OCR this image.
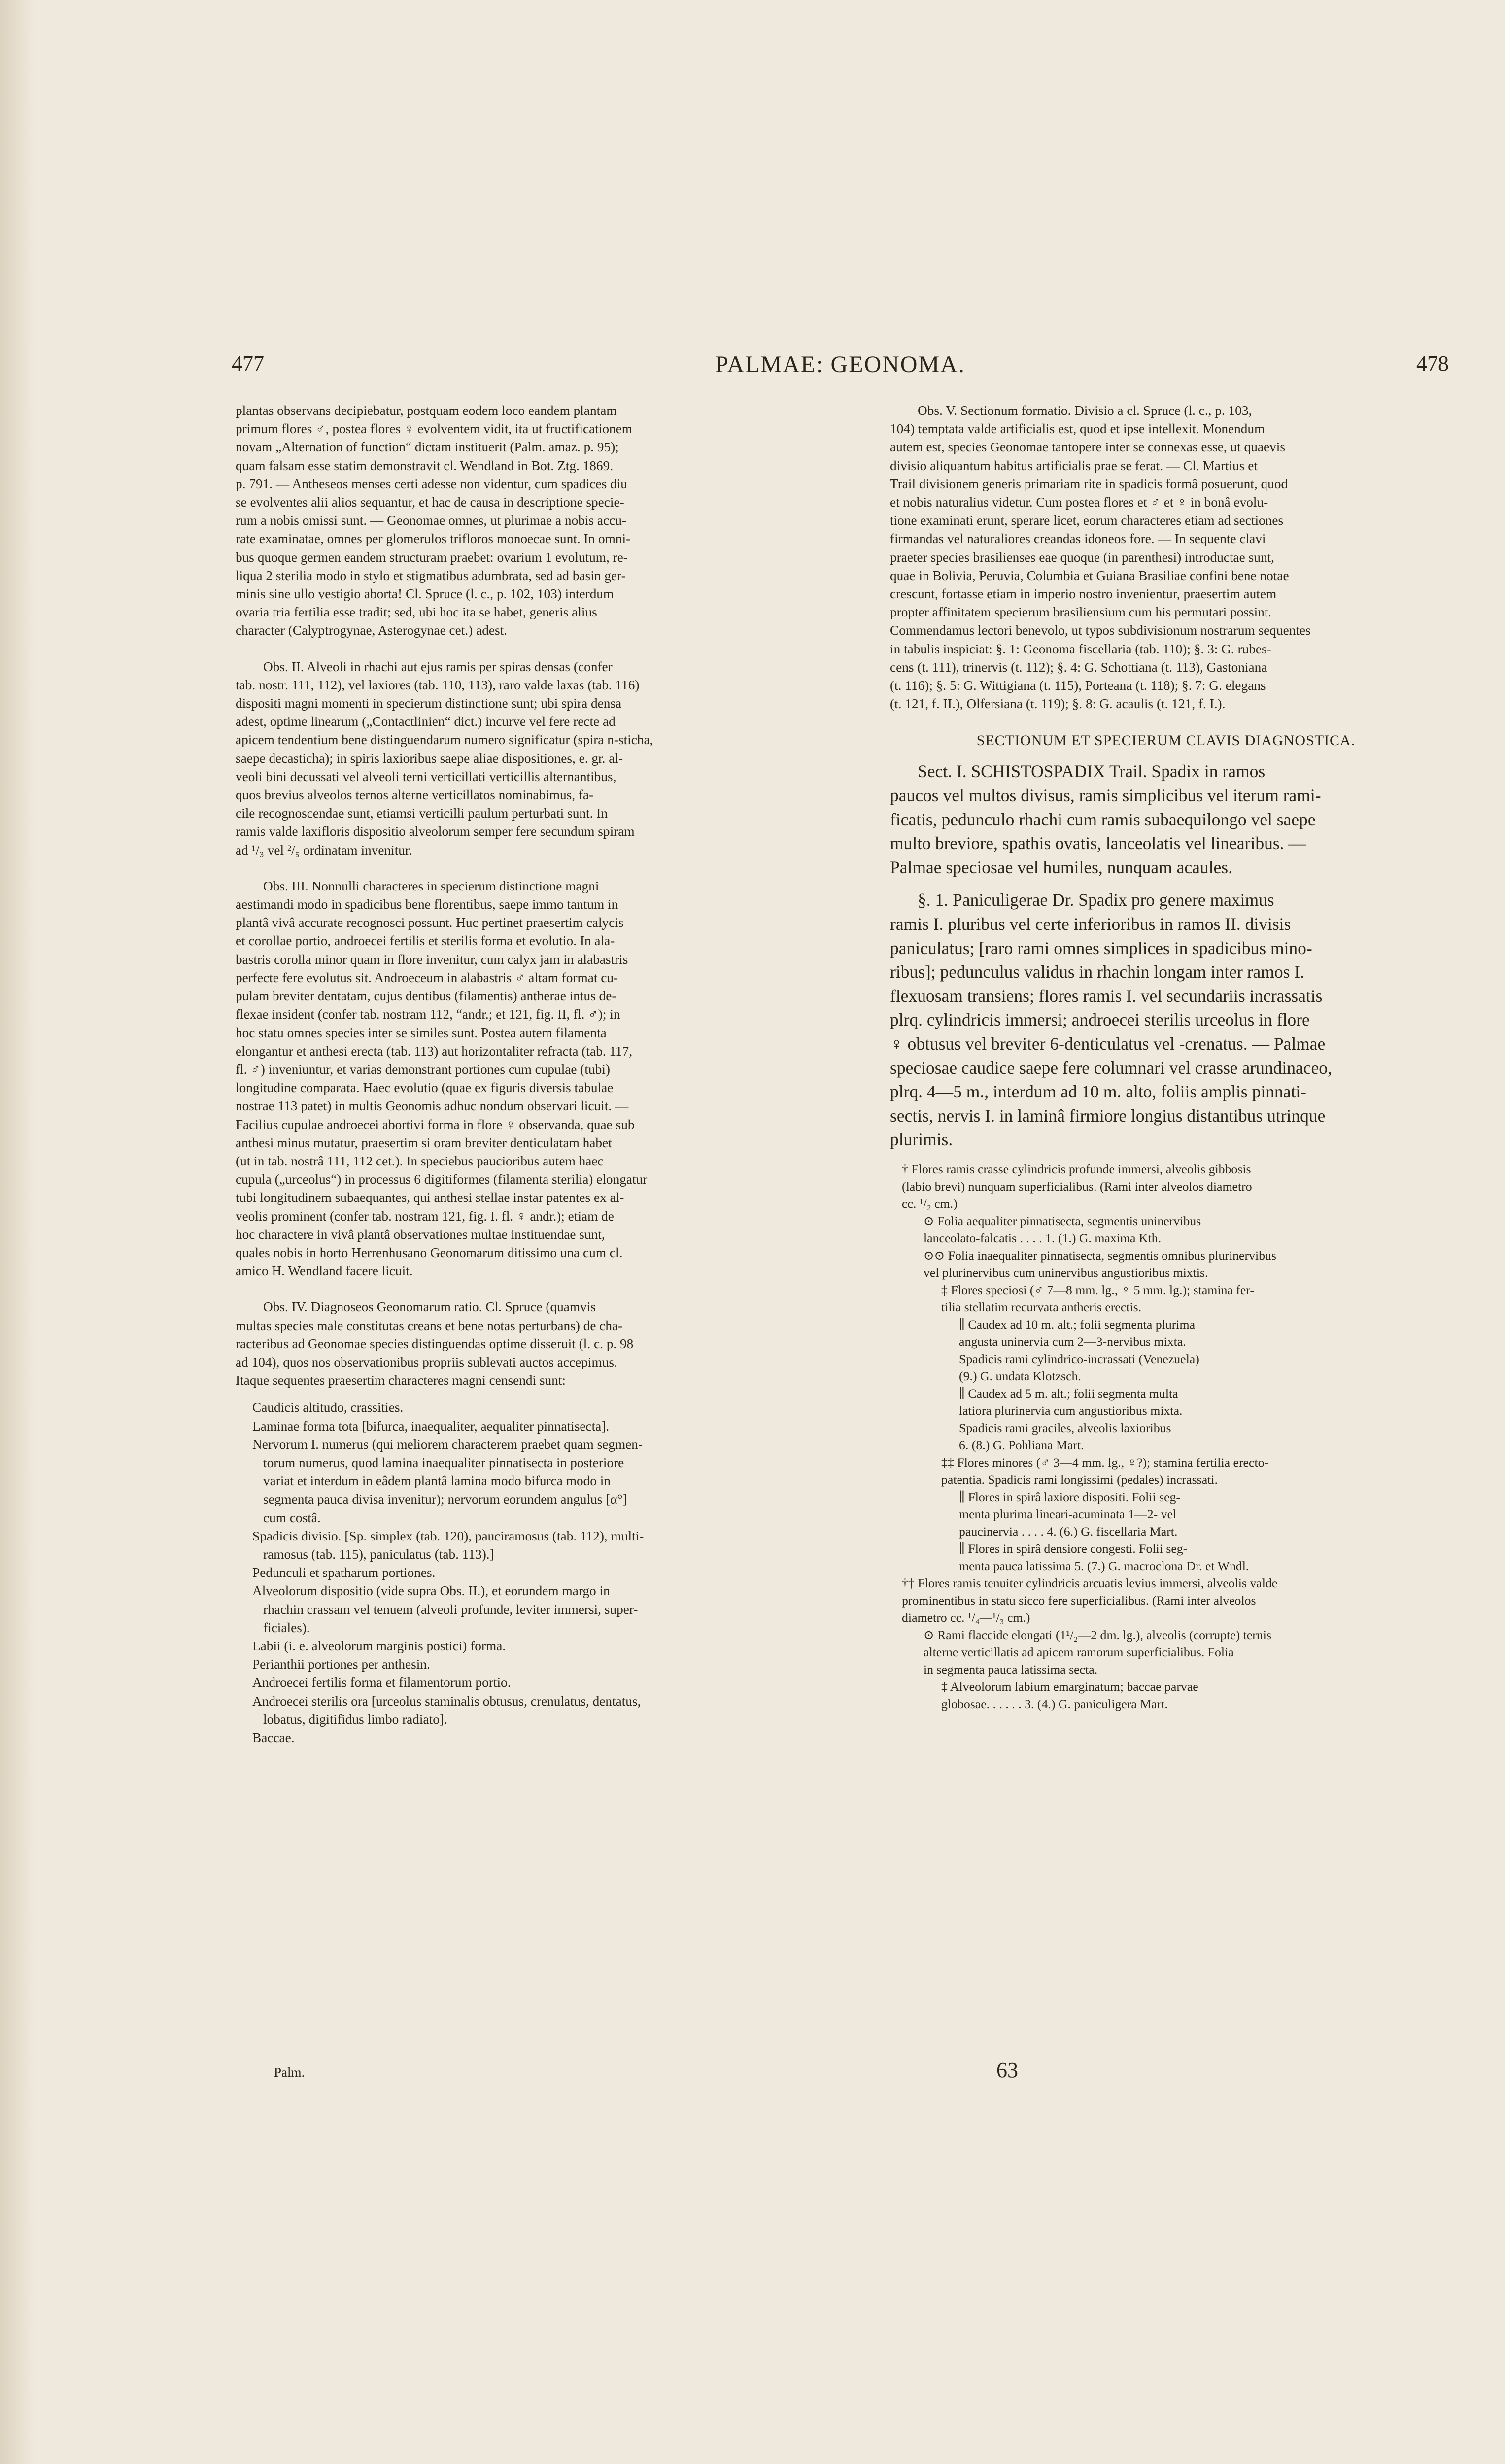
477	PALMAE: GEONOMA.	478

plantas observans decipiebatur, postquam eodem loco eandem plantam
primum flores ♂, postea flores ♀ evolventem vidit, ita ut fructificationem
novam „Alternation of function“ dictam instituerit (Palm. amaz. p. 95);
quam falsam esse statim demonstravit cl. Wendland in Bot. Ztg. 1869.
p. 791. — Antheseos menses certi adesse non videntur, cum spadices diu
se evolventes alii alios sequantur, et hac de causa in descriptione specie-
rum a nobis omissi sunt. — Geonomae omnes, ut plurimae a nobis accu-
rate examinatae, omnes per glomerulos trifloros monoecae sunt. In omni-
bus quoque germen eandem structuram praebet: ovarium 1 evolutum, re-
liqua 2 sterilia modo in stylo et stigmatibus adumbrata, sed ad basin ger-
minis sine ullo vestigio aborta! Cl. Spruce (l. c., p. 102, 103) interdum
ovaria tria fertilia esse tradit; sed, ubi hoc ita se habet, generis alius
character (Calyptrogynae, Asterogynae cet.) adest.

Obs. II. Alveoli in rhachi aut ejus ramis per spiras densas (confer
tab. nostr. 111, 112), vel laxiores (tab. 110, 113), raro valde laxas (tab. 116)
dispositi magni momenti in specierum distinctione sunt; ubi spira densa
adest, optime linearum („Contactlinien“ dict.) incurve vel fere recte ad
apicem tendentium bene distinguendarum numero significatur (spira n-sticha,
saepe decasticha); in spiris laxioribus saepe aliae dispositiones, e. gr. al-
veoli bini decussati vel alveoli terni verticillati verticillis alternantibus,
quos brevius alveolos ternos alterne verticillatos nominabimus, fa-
cile recognoscendae sunt, etiamsi verticilli paulum perturbati sunt. In
ramis valde laxifloris dispositio alveolorum semper fere secundum spiram
ad ¹/₃ vel ²/₅ ordinatam invenitur.

Obs. III. Nonnulli characteres in specierum distinctione magni
aestimandi modo in spadicibus bene florentibus, saepe immo tantum in
plantâ vivâ accurate recognosci possunt. Huc pertinet praesertim calycis
et corollae portio, androecei fertilis et sterilis forma et evolutio. In ala-
bastris corolla minor quam in flore invenitur, cum calyx jam in alabastris
perfecte fere evolutus sit. Androeceum in alabastris ♂ altam format cu-
pulam breviter dentatam, cujus dentibus (filamentis) antherae intus de-
flexae insident (confer tab. nostram 112, “andr.; et 121, fig. II, fl. ♂); in
hoc statu omnes species inter se similes sunt. Postea autem filamenta
elongantur et anthesi erecta (tab. 113) aut horizontaliter refracta (tab. 117,
fl. ♂) inveniuntur, et varias demonstrant portiones cum cupulae (tubi)
longitudine comparata. Haec evolutio (quae ex figuris diversis tabulae
nostrae 113 patet) in multis Geonomis adhuc nondum observari licuit. —
Facilius cupulae androecei abortivi forma in flore ♀ observanda, quae sub
anthesi minus mutatur, praesertim si oram breviter denticulatam habet
(ut in tab. nostrâ 111, 112 cet.). In speciebus paucioribus autem haec
cupula („urceolus“) in processus 6 digitiformes (filamenta sterilia) elongatur
tubi longitudinem subaequantes, qui anthesi stellae instar patentes ex al-
veolis prominent (confer tab. nostram 121, fig. I. fl. ♀ andr.); etiam de
hoc charactere in vivâ plantâ observationes multae instituendae sunt,
quales nobis in horto Herrenhusano Geonomarum ditissimo una cum cl.
amico H. Wendland facere licuit.

Obs. IV. Diagnoseos Geonomarum ratio. Cl. Spruce (quamvis
multas species male constitutas creans et bene notas perturbans) de cha-
racteribus ad Geonomae species distinguendas optime disseruit (l. c. p. 98
ad 104), quos nos observationibus propriis sublevati auctos accepimus.
Itaque sequentes praesertim characteres magni censendi sunt:

Caudicis altitudo, crassities.

Laminae forma tota [bifurca, inaequaliter, aequaliter pinnatisecta].

Nervorum I. numerus (qui meliorem characterem praebet quam segmen-
torum numerus, quod lamina inaequaliter pinnatisecta in posteriore
variat et interdum in eâdem plantâ lamina modo bifurca modo in
segmenta pauca divisa invenitur); nervorum eorundem angulus [α°]
cum costâ.

Spadicis divisio. [Sp. simplex (tab. 120), pauciramosus (tab. 112), multi-
ramosus (tab. 115), paniculatus (tab. 113).]

Pedunculi et spatharum portiones.

Alveolorum dispositio (vide supra Obs. II.), et eorundem margo in
rhachin crassam vel tenuem (alveoli profunde, leviter immersi, super-
ficiales).

Labii (i. e. alveolorum marginis postici) forma.

Perianthii portiones per anthesin.

Androecei fertilis forma et filamentorum portio.

Androecei sterilis ora [urceolus staminalis obtusus, crenulatus, dentatus,
lobatus, digitifidus limbo radiato].

Baccae.

Palm.

Obs. V. Sectionum formatio. Divisio a cl. Spruce (l. c., p. 103,
104) temptata valde artificialis est, quod et ipse intellexit. Monendum
autem est, species Geonomae tantopere inter se connexas esse, ut quaevis
divisio aliquantum habitus artificialis prae se ferat. — Cl. Martius et
Trail divisionem generis primariam rite in spadicis formâ posuerunt, quod
et nobis naturalius videtur. Cum postea flores et ♂ et ♀ in bonâ evolu-
tione examinati erunt, sperare licet, eorum characteres etiam ad sectiones
firmandas vel naturaliores creandas idoneos fore. — In sequente clavi
praeter species brasilienses eae quoque (in parenthesi) introductae sunt,
quae in Bolivia, Peruvia, Columbia et Guiana Brasiliae confini bene notae
crescunt, fortasse etiam in imperio nostro invenientur, praesertim autem
propter affinitatem specierum brasiliensium cum his permutari possint.
Commendamus lectori benevolo, ut typos subdivisionum nostrarum sequentes
in tabulis inspiciat: §. 1: Geonoma fiscellaria (tab. 110); §. 3: G. rubes-
cens (t. 111), trinervis (t. 112); §. 4: G. Schottiana (t. 113), Gastoniana
(t. 116); §. 5: G. Wittigiana (t. 115), Porteana (t. 118); §. 7: G. elegans
(t. 121, f. II.), Olfersiana (t. 119); §. 8: G. acaulis (t. 121, f. I.).

SECTIONUM ET SPECIERUM CLAVIS DIAGNOSTICA.

Sect. I. SCHISTOSPADIX Trail. Spadix in ramos
paucos vel multos divisus, ramis simplicibus vel iterum rami-
ficatis, pedunculo rhachi cum ramis subaequilongo vel saepe
multo breviore, spathis ovatis, lanceolatis vel linearibus. —
Palmae speciosae vel humiles, nunquam acaules.

§. 1. Paniculigerae Dr. Spadix pro genere maximus
ramis I. pluribus vel certe inferioribus in ramos II. divisis
paniculatus; [raro rami omnes simplices in spadicibus mino-
ribus]; pedunculus validus in rhachin longam inter ramos I.
flexuosam transiens; flores ramis I. vel secundariis incrassatis
plrq. cylindricis immersi; androecei sterilis urceolus in flore
♀ obtusus vel breviter 6-denticulatus vel -crenatus. — Palmae
speciosae caudice saepe fere columnari vel crasse arundinaceo,
plrq. 4—5 m., interdum ad 10 m. alto, foliis amplis pinnati-
sectis, nervis I. in laminâ firmiore longius distantibus utrinque
plurimis.

† Flores ramis crasse cylindricis profunde immersi, alveolis gibbosis
(labio brevi) nunquam superficialibus. (Rami inter alveolos diametro
cc. ¹/₂ cm.)

⊙ Folia aequaliter pinnatisecta, segmentis uninervibus
lanceolato-falcatis . . . . 1. (1.) G. maxima Kth.

⊙⊙ Folia inaequaliter pinnatisecta, segmentis omnibus plurinervibus
vel plurinervibus cum uninervibus angustioribus mixtis.

‡ Flores speciosi (♂ 7—8 mm. lg., ♀ 5 mm. lg.); stamina fer-
tilia stellatim recurvata antheris erectis.

∥ Caudex ad 10 m. alt.; folii segmenta plurima
angusta uninervia cum 2—3-nervibus mixta.
Spadicis rami cylindrico-incrassati (Venezuela)
(9.) G. undata Klotzsch.

∥ Caudex ad 5 m. alt.; folii segmenta multa
latiora plurinervia cum angustioribus mixta.
Spadicis rami graciles, alveolis laxioribus
6. (8.) G. Pohliana Mart.

‡‡ Flores minores (♂ 3—4 mm. lg., ♀?); stamina fertilia erecto-
patentia. Spadicis rami longissimi (pedales) incrassati.

∥ Flores in spirâ laxiore dispositi. Folii seg-
menta plurima lineari-acuminata 1—2- vel
paucinervia . . . . 4. (6.) G. fiscellaria Mart.

∥ Flores in spirâ densiore congesti. Folii seg-
menta pauca latissima 5. (7.) G. macroclona Dr. et Wndl.

†† Flores ramis tenuiter cylindricis arcuatis levius immersi, alveolis valde
prominentibus in statu sicco fere superficialibus. (Rami inter alveolos
diametro cc. ¹/₄—¹/₃ cm.)

⊙ Rami flaccide elongati (1¹/₂—2 dm. lg.), alveolis (corrupte) ternis
alterne verticillatis ad apicem ramorum superficialibus. Folia
in segmenta pauca latissima secta.

‡ Alveolorum labium emarginatum; baccae parvae
globosae. . . . . . 3. (4.) G. paniculigera Mart.

63
